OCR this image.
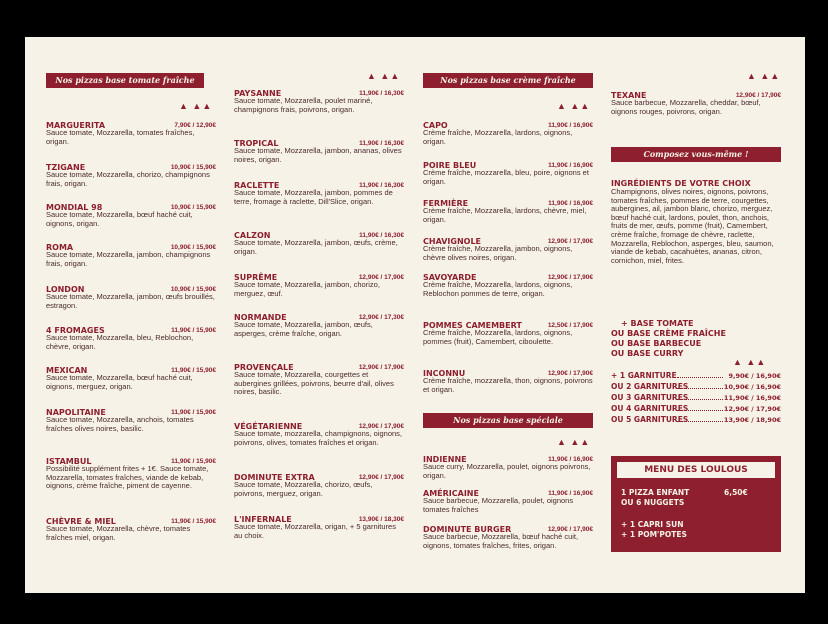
Nos pizzas base tomate fraîche
▲ ▲▲
▲ ▲▲	Nos pizzas base crème fraîche
▲ ▲▲
Nos pizzas base spéciale
▲ ▲▲
▲ ▲▲
TEXANE	12,90€ / 17,90€
Sauce barbecue, Mozzarella, cheddar, bœuf, oignons rouges, poivrons, origan.
Composez vous-même !
INGRÉDIENTS DE VOTRE CHOIX
Champignons, olives noires, oignons, poivrons, tomates fraîches, pommes de terre, courgettes, aubergines, ail, jambon blanc, chorizo, merguez, bœuf haché cuit, lardons, poulet, thon, anchois, fruits de mer, œufs, pomme (fruit), Camembert, crème fraîche, fromage de chèvre, raclette, Mozzarella, Reblochon, asperges, bleu, saumon, viande de kebab, cacahuètes, ananas, citron, cornichon, miel, frites.
+ BASE TOMATE
OU BASE CRÈME FRAÎCHE
OU BASE BARBECUE
OU BASE CURRY
▲ ▲▲
+ 1 GARNITURE	9,90€ / 16,90€
OU 2 GARNITURES	10,90€ / 16,90€
OU 3 GARNITURES	11,90€ / 16,90€
OU 4 GARNITURES	12,90€ / 17,90€
OU 5 GARNITURES	13,90€ / 18,90€
MENU DES LOULOUS
1 PIZZA ENFANT
OU 6 NUGGETS
6,50€
+ 1 CAPRI SUN
+ 1 POM'POTES
MARGUERITA	7,90€ / 12,90€
Sauce tomate, Mozzarella, tomates fraîches, origan.
TZIGANE	10,90€ / 15,90€
Sauce tomate, Mozzarella, chorizo, champignons frais, origan.
MONDIAL 98	10,90€ / 15,90€
Sauce tomate, Mozzarella, bœuf haché cuit, oignons, origan.
ROMA	10,90€ / 15,90€
Sauce tomate, Mozzarella, jambon, champignons frais, origan.
LONDON	10,90€ / 15,90€
Sauce tomate, Mozzarella, jambon, œufs brouillés, estragon.
4 FROMAGES	11,90€ / 15,90€
Sauce tomate, Mozzarella, bleu, Reblochon, chèvre, origan.
MEXICAN	11,90€ / 15,90€
Sauce tomate, Mozzarella, bœuf haché cuit, oignons, merguez, origan.
NAPOLITAINE	11,90€ / 15,90€
Sauce tomate, Mozzarella, anchois, tomates fraîches olives noires, basilic.
ISTAMBUL	11,90€ / 15,90€
Possibilité supplément frites + 1€. Sauce tomate, Mozzarella, tomates fraîches, viande de kebab, oignons, crème fraîche, piment de cayenne.
CHÈVRE & MIEL	11,90€ / 15,90€
Sauce tomate, Mozzarella, chèvre, tomates fraîches miel, origan.
PAYSANNE	11,90€ / 16,30€
Sauce tomate, Mozzarella, poulet mariné, champignons frais, poivrons, origan.
TROPICAL	11,90€ / 16,30€
Sauce tomate, Mozzarella, jambon, ananas, olives noires, origan.
RACLETTE	11,90€ / 16,30€
Sauce tomate, Mozzarella, jambon, pommes de terre, fromage à raclette, Dill'Slice, origan.
CALZON	11,90€ / 16,30€
Sauce tomate, Mozzarella, jambon, œufs, crème, origan.
SUPRÊME	12,90€ / 17,90€
Sauce tomate, Mozzarella, jambon, chorizo, merguez, œuf.
NORMANDE	12,90€ / 17,30€
Sauce tomate, Mozzarella, jambon, œufs, asperges, crème fraîche, origan.
PROVENÇALE	12,90€ / 17,90€
Sauce tomate, Mozzarella, courgettes et aubergines grillées, poivrons, beurre d'ail, olives noires, basilic.
VÉGÉTARIENNE	12,90€ / 17,90€
Sauce tomate, mozzarella, champignons, oignons, poivrons, olives, tomates fraîches et origan.
DOMINUTE EXTRA	12,90€ / 17,90€
Sauce tomate, Mozzarella, chorizo, œufs, poivrons, merguez, origan.
L'INFERNALE	13,90€ / 18,30€
Sauce tomate, Mozzarella, origan, + 5 garnitures au choix.
CAPO	11,90€ / 16,90€
Crème fraîche, Mozzarella, lardons, oignons, origan.
POIRE BLEU	11,90€ / 16,90€
Crème fraîche, mozzarella, bleu, poire, oignons et origan.
FERMIÈRE	11,90€ / 16,90€
Crème fraîche, Mozzarella, lardons, chèvre, miel, origan.
CHAVIGNOLE	12,90€ / 17,90€
Crème fraîche, Mozzarella, jambon, oignons, chèvre olives noires, origan.
SAVOYARDE	12,90€ / 17,90€
Crème fraîche, Mozzarella, lardons, oignons, Reblochon pommes de terre, origan.
POMMES CAMEMBERT	12,50€ / 17,90€
Crème fraîche, Mozzarella, lardons, oignons, pommes (fruit), Camembert, ciboulette.
INCONNU	12,90€ / 17,90€
Crème fraîche, mozzarella, thon, oignons, poivrons et origan.
INDIENNE	11,90€ / 16,90€
Sauce curry, Mozzarella, poulet, oignons poivrons, origan.
AMÉRICAINE	11,90€ / 16,90€
Sauce barbecue, Mozzarella, poulet, oignons tomates fraîches
DOMINUTE BURGER	12,90€ / 17,90€
Sauce barbecue, Mozzarella, bœuf haché cuit, oignons, tomates fraîches, frites, origan.
